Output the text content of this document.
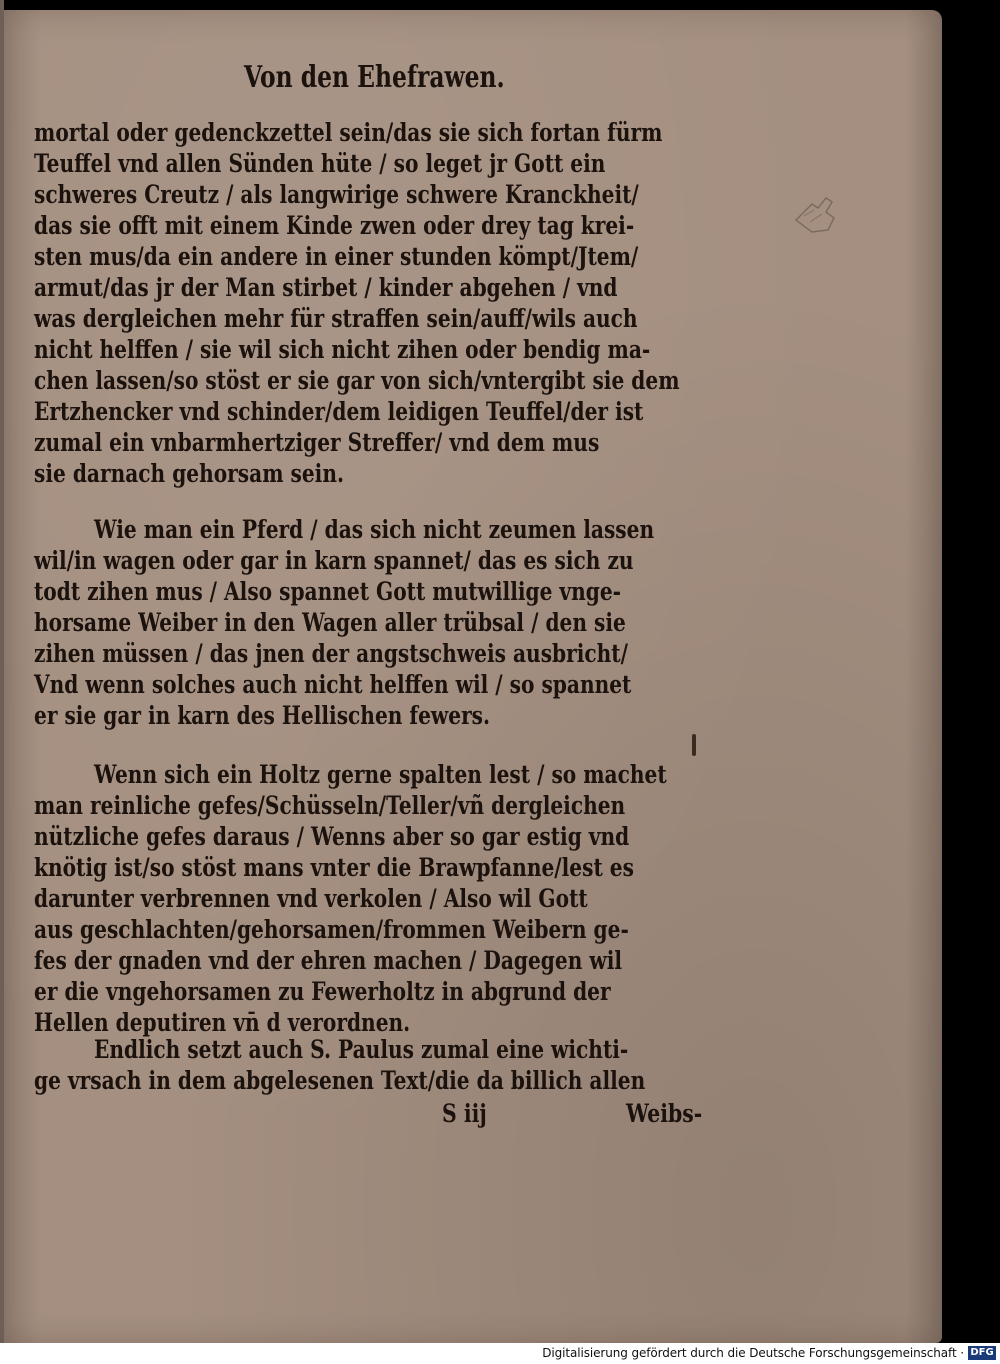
Von den Ehefrawen.
mortal oder gedenckzettel sein/das sie sich fortan fürm
Teuffel vnd allen Sünden hüte / so leget jr Gott ein
schweres Creutz / als langwirige schwere Kranckheit/
das sie offt mit einem Kinde zwen oder drey tag krei-
sten mus/da ein andere in einer stunden kömpt/Jtem/
armut/das jr der Man stirbet / kinder abgehen / vnd
was dergleichen mehr für straffen sein/auff/wils auch
nicht helffen / sie wil sich nicht zihen oder bendig ma-
chen lassen/so stöst er sie gar von sich/vntergibt sie dem
Ertzhencker vnd schinder/dem leidigen Teuffel/der ist
zumal ein vnbarmhertziger Streffer/ vnd dem mus
sie darnach gehorsam sein.
Wie man ein Pferd / das sich nicht zeumen lassen
wil/in wagen oder gar in karn spannet/ das es sich zu
todt zihen mus / Also spannet Gott mutwillige vnge-
horsame Weiber in den Wagen aller trübsal / den sie
zihen müssen / das jnen der angstschweis ausbricht/
Vnd wenn solches auch nicht helffen wil / so spannet
er sie gar in karn des Hellischen fewers.
Wenn sich ein Holtz gerne spalten lest / so machet
man reinliche gefes/Schüsseln/Teller/vñ dergleichen
nützliche gefes daraus / Wenns aber so gar estig vnd
knötig ist/so stöst mans vnter die Brawpfanne/lest es
darunter verbrennen vnd verkolen / Also wil Gott
aus geschlachten/gehorsamen/frommen Weibern ge-
fes der gnaden vnd der ehren machen / Dagegen wil
er die vngehorsamen zu Fewerholtz in abgrund der
Hellen deputiren vn̄ d verordnen.
Endlich setzt auch S. Paulus zumal eine wichti-
ge vrsach in dem abgelesenen Text/die da billich allen
S iij	Weibs-
Digitalisierung gefördert durch die Deutsche Forschungsgemeinschaft · DFG
